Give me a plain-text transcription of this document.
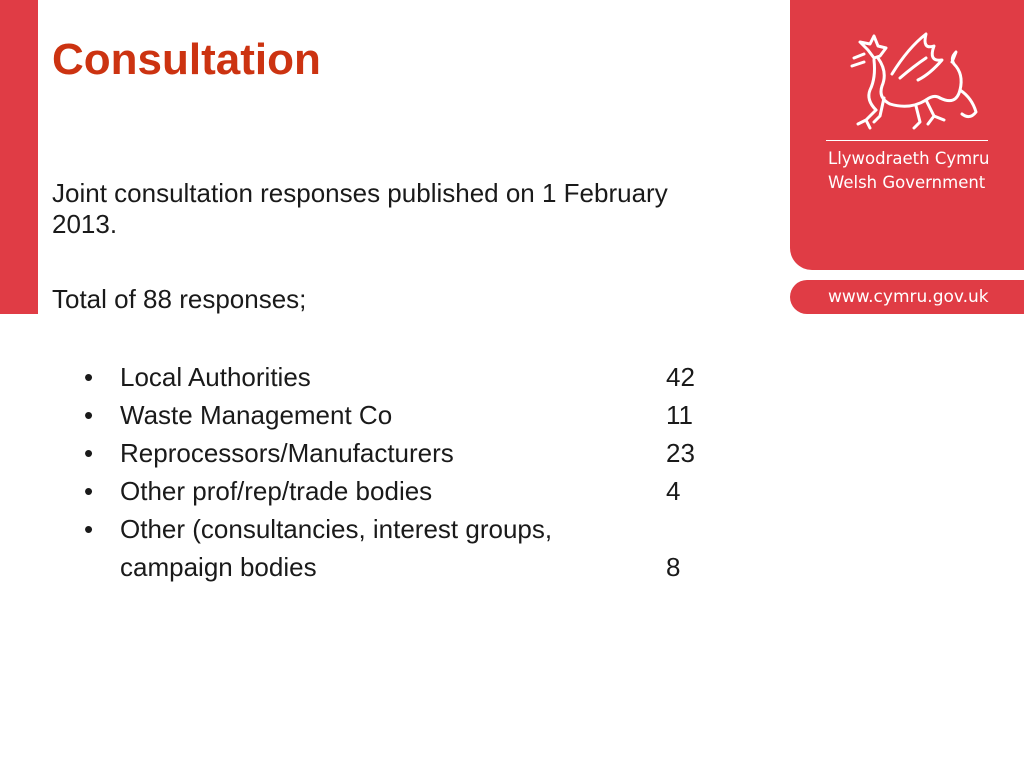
Llywodraeth Cymru
Welsh Government
www.cymru.gov.uk
Consultation
Joint consultation responses published on 1 February 2013.
Total of 88 responses;
• Local Authorities	42
• Waste Management Co	11
• Reprocessors/Manufacturers	23
• Other prof/rep/trade bodies	4
• Other (consultancies, interest groups, campaign bodies	8
